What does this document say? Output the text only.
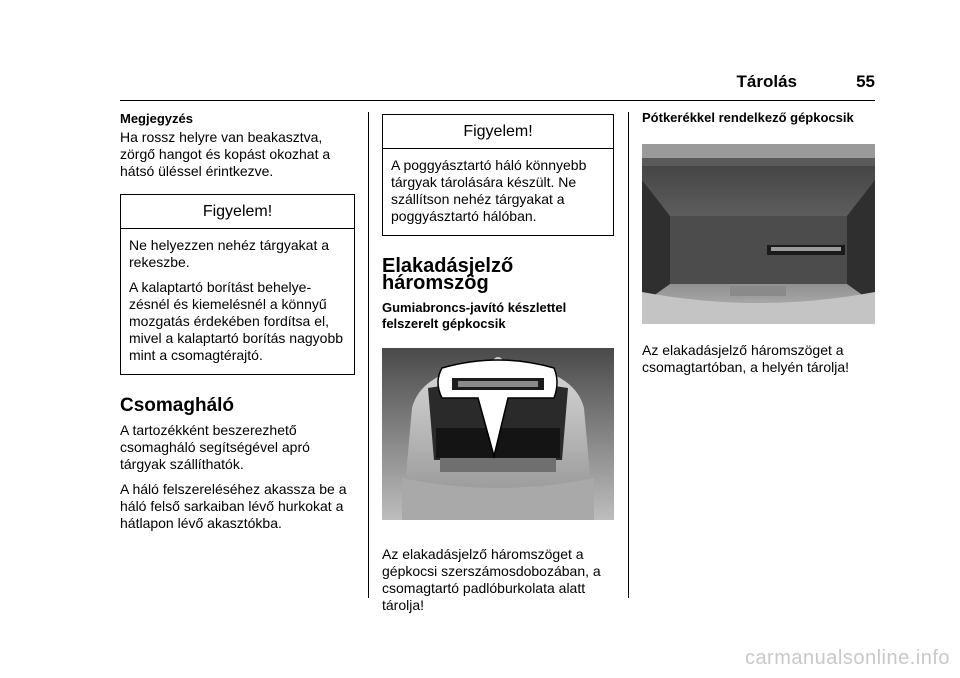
Tárolás	55
Megjegyzés

Ha rossz helyre van beakasztva, zörgő hangot és kopást okozhat a hátsó üléssel érintkezve.

Figyelem!

Ne helyezzen nehéz tárgyakat a rekeszbe.

A kalaptartó borítást behelye-zésnél és kiemelésnél a könnyű mozgatás érdekében fordítsa el, mivel a kalaptartó borítás nagyobb mint a csomagtérajtó.

Csomagháló

A tartozékként beszerezhető csomagháló segítségével apró tárgyak szállíthatók.

A háló felszereléséhez akassza be a háló felső sarkaiban lévő hurkokat a hátlapon lévő akasztókba.

Figyelem!

A poggyásztartó háló könnyebb tárgyak tárolására készült. Ne szállítson nehéz tárgyakat a poggyásztartó hálóban.

Elakadásjelző háromszög
Gumiabroncs-javító készlettel felszerelt gépkocsik

Az elakadásjelző háromszöget a gépkocsi szerszámosdobozában, a csomagtartó padlóburkolata alatt tárolja!

Pótkerékkel rendelkező gépkocsik

Az elakadásjelző háromszöget a csomagtartóban, a helyén tárolja!

carmanualsonline.info
